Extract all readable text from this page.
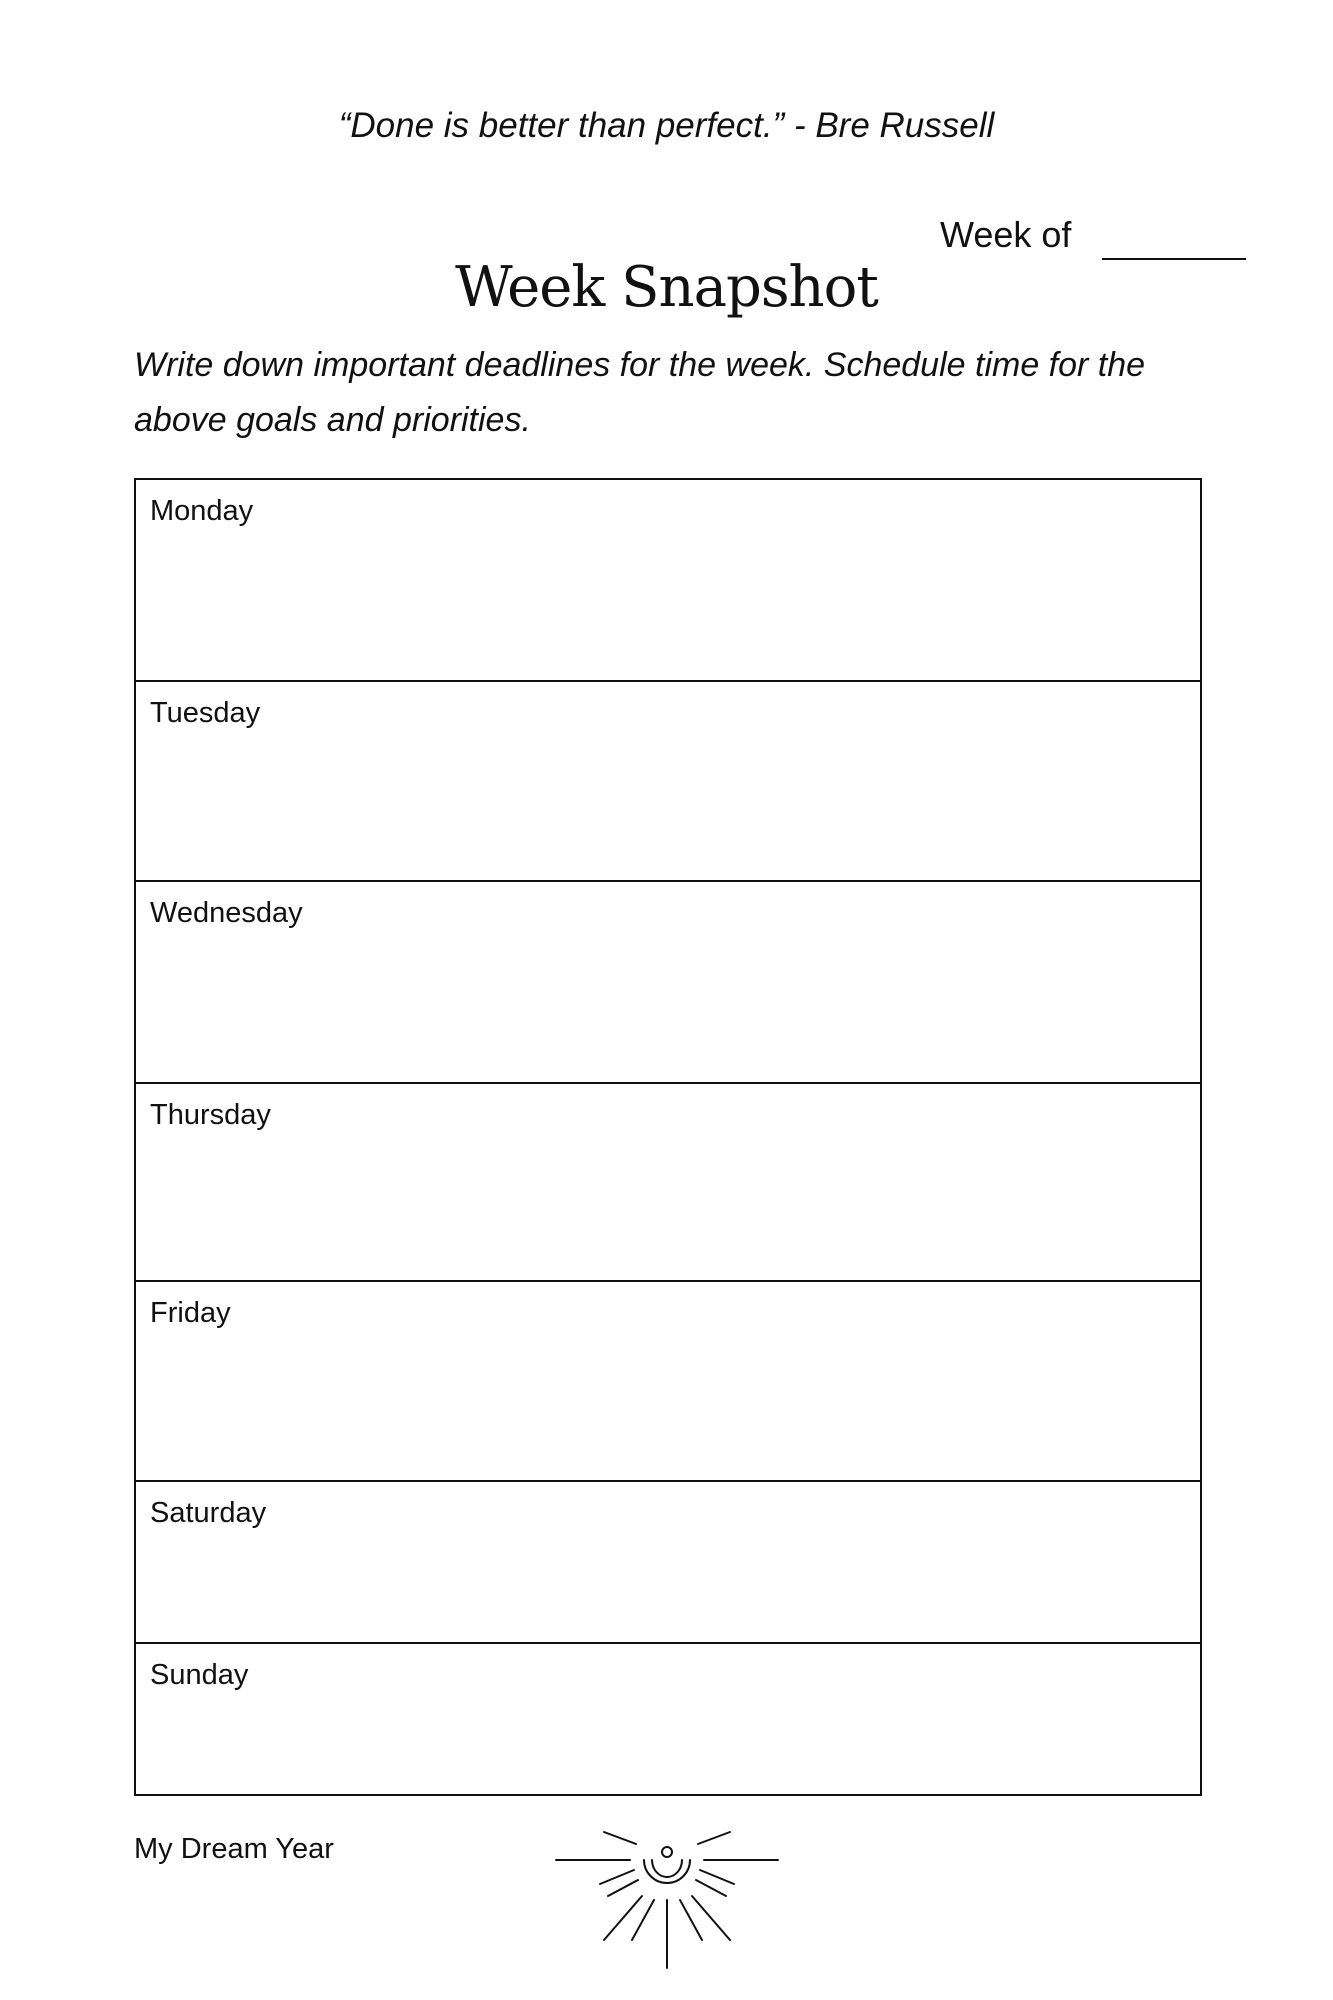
“Done is better than perfect.” - Bre Russell
Week of
Week Snapshot
Write down important deadlines for the week. Schedule time for the above goals and priorities.
Monday
Tuesday
Wednesday
Thursday
Friday
Saturday
Sunday
My Dream Year
